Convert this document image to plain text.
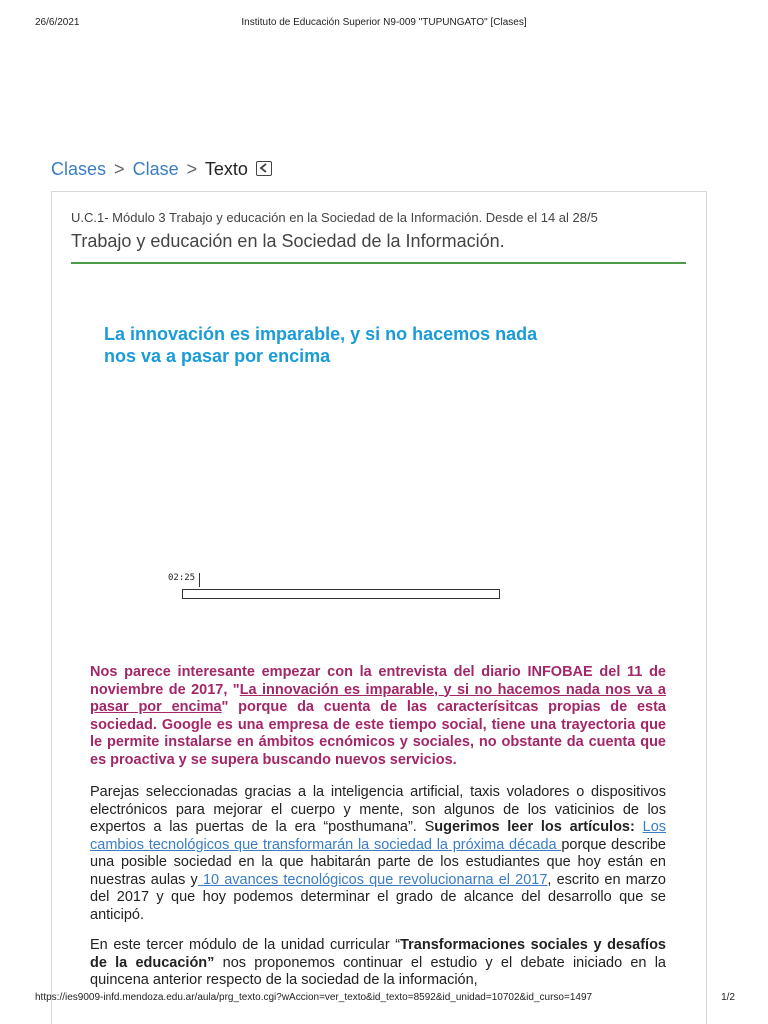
26/6/2021	Instituto de Educación Superior N9-009 "TUPUNGATO" [Clases]
Clases > Clase > Texto
U.C.1- Módulo 3 Trabajo y educación en la Sociedad de la Información. Desde el 14 al 28/5
Trabajo y educación en la Sociedad de la Información.
La innovación es imparable, y si no hacemos nada
nos va a pasar por encima
02:25
Nos parece interesante empezar con la entrevista del diario INFOBAE del 11 de noviembre de 2017, "La innovación es imparable, y si no hacemos nada nos va a pasar por encima" porque da cuenta de las caracterísitcas propias de esta sociedad. Google es una empresa de este tiempo social, tiene una trayectoria que le permite instalarse en ámbitos ecnómicos y sociales, no obstante da cuenta que es proactiva y se supera buscando nuevos servicios.
Parejas seleccionadas gracias a la inteligencia artificial, taxis voladores o dispositivos electrónicos para mejorar el cuerpo y mente, son algunos de los vaticinios de los expertos a las puertas de la era “posthumana”. Sugerimos leer los artículos: Los cambios tecnológicos que transformarán la sociedad la próxima década porque describe una posible sociedad en la que habitarán parte de los estudiantes que hoy están en nuestras aulas y 10 avances tecnológicos que revolucionarna el 2017, escrito en marzo del 2017 y que hoy podemos determinar el grado de alcance del desarrollo que se anticipó.
En este tercer módulo de la unidad curricular “Transformaciones sociales y desafíos de la educación” nos proponemos continuar el estudio y el debate iniciado en la quincena anterior respecto de la sociedad de la información,
https://ies9009-infd.mendoza.edu.ar/aula/prg_texto.cgi?wAccion=ver_texto&id_texto=8592&id_unidad=10702&id_curso=1497	1/2
